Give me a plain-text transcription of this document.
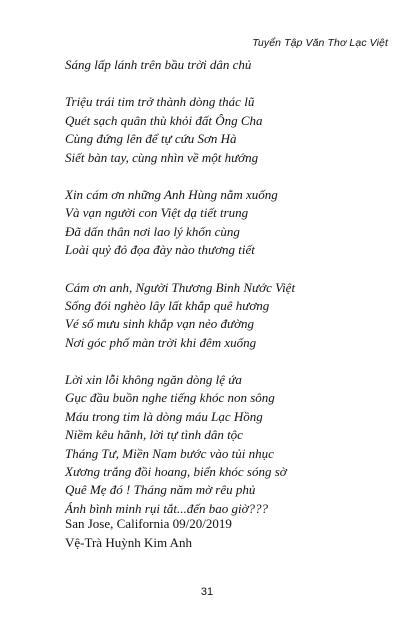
Tuyển Tập Văn Thơ Lạc Việt
Sáng lấp lánh trên bầu trời dân chủ
Triệu trái tim trở thành dòng thác lũ
Quét sạch quân thù khỏi đất Ông Cha
Cùng đứng lên để tự cứu Sơn Hà
Siết bàn tay, cùng nhìn về một hướng
Xin cám ơn những Anh Hùng nằm xuống
Và vạn người con Việt dạ tiết trung
Đã dấn thân nơi lao lý khốn cùng
Loài quỷ đỏ đọa đày nào thương tiết
Cám ơn anh, Người Thương Binh Nước Việt
Sống đói nghèo lây lất khắp quê hương
Vé số mưu sinh khắp vạn nẻo đường
Nơi góc phố màn trời khi đêm xuống
Lời xin lỗi không ngăn dòng lệ ứa
Gục đầu buồn nghe tiếng khóc non sông
Máu trong tim là dòng máu Lạc Hồng
Niềm kêu hãnh, lời tự tình dân tộc
Tháng Tư, Miền Nam bước vào tủi nhục
Xương trắng đồi hoang, biển khóc sóng sờ
Quê Mẹ đó ! Tháng năm mờ rêu phủ
Ánh bình minh rụi tắt...đến bao giờ???
San Jose, California 09/20/2019
Vệ-Trà Huỳnh Kim Anh
31
